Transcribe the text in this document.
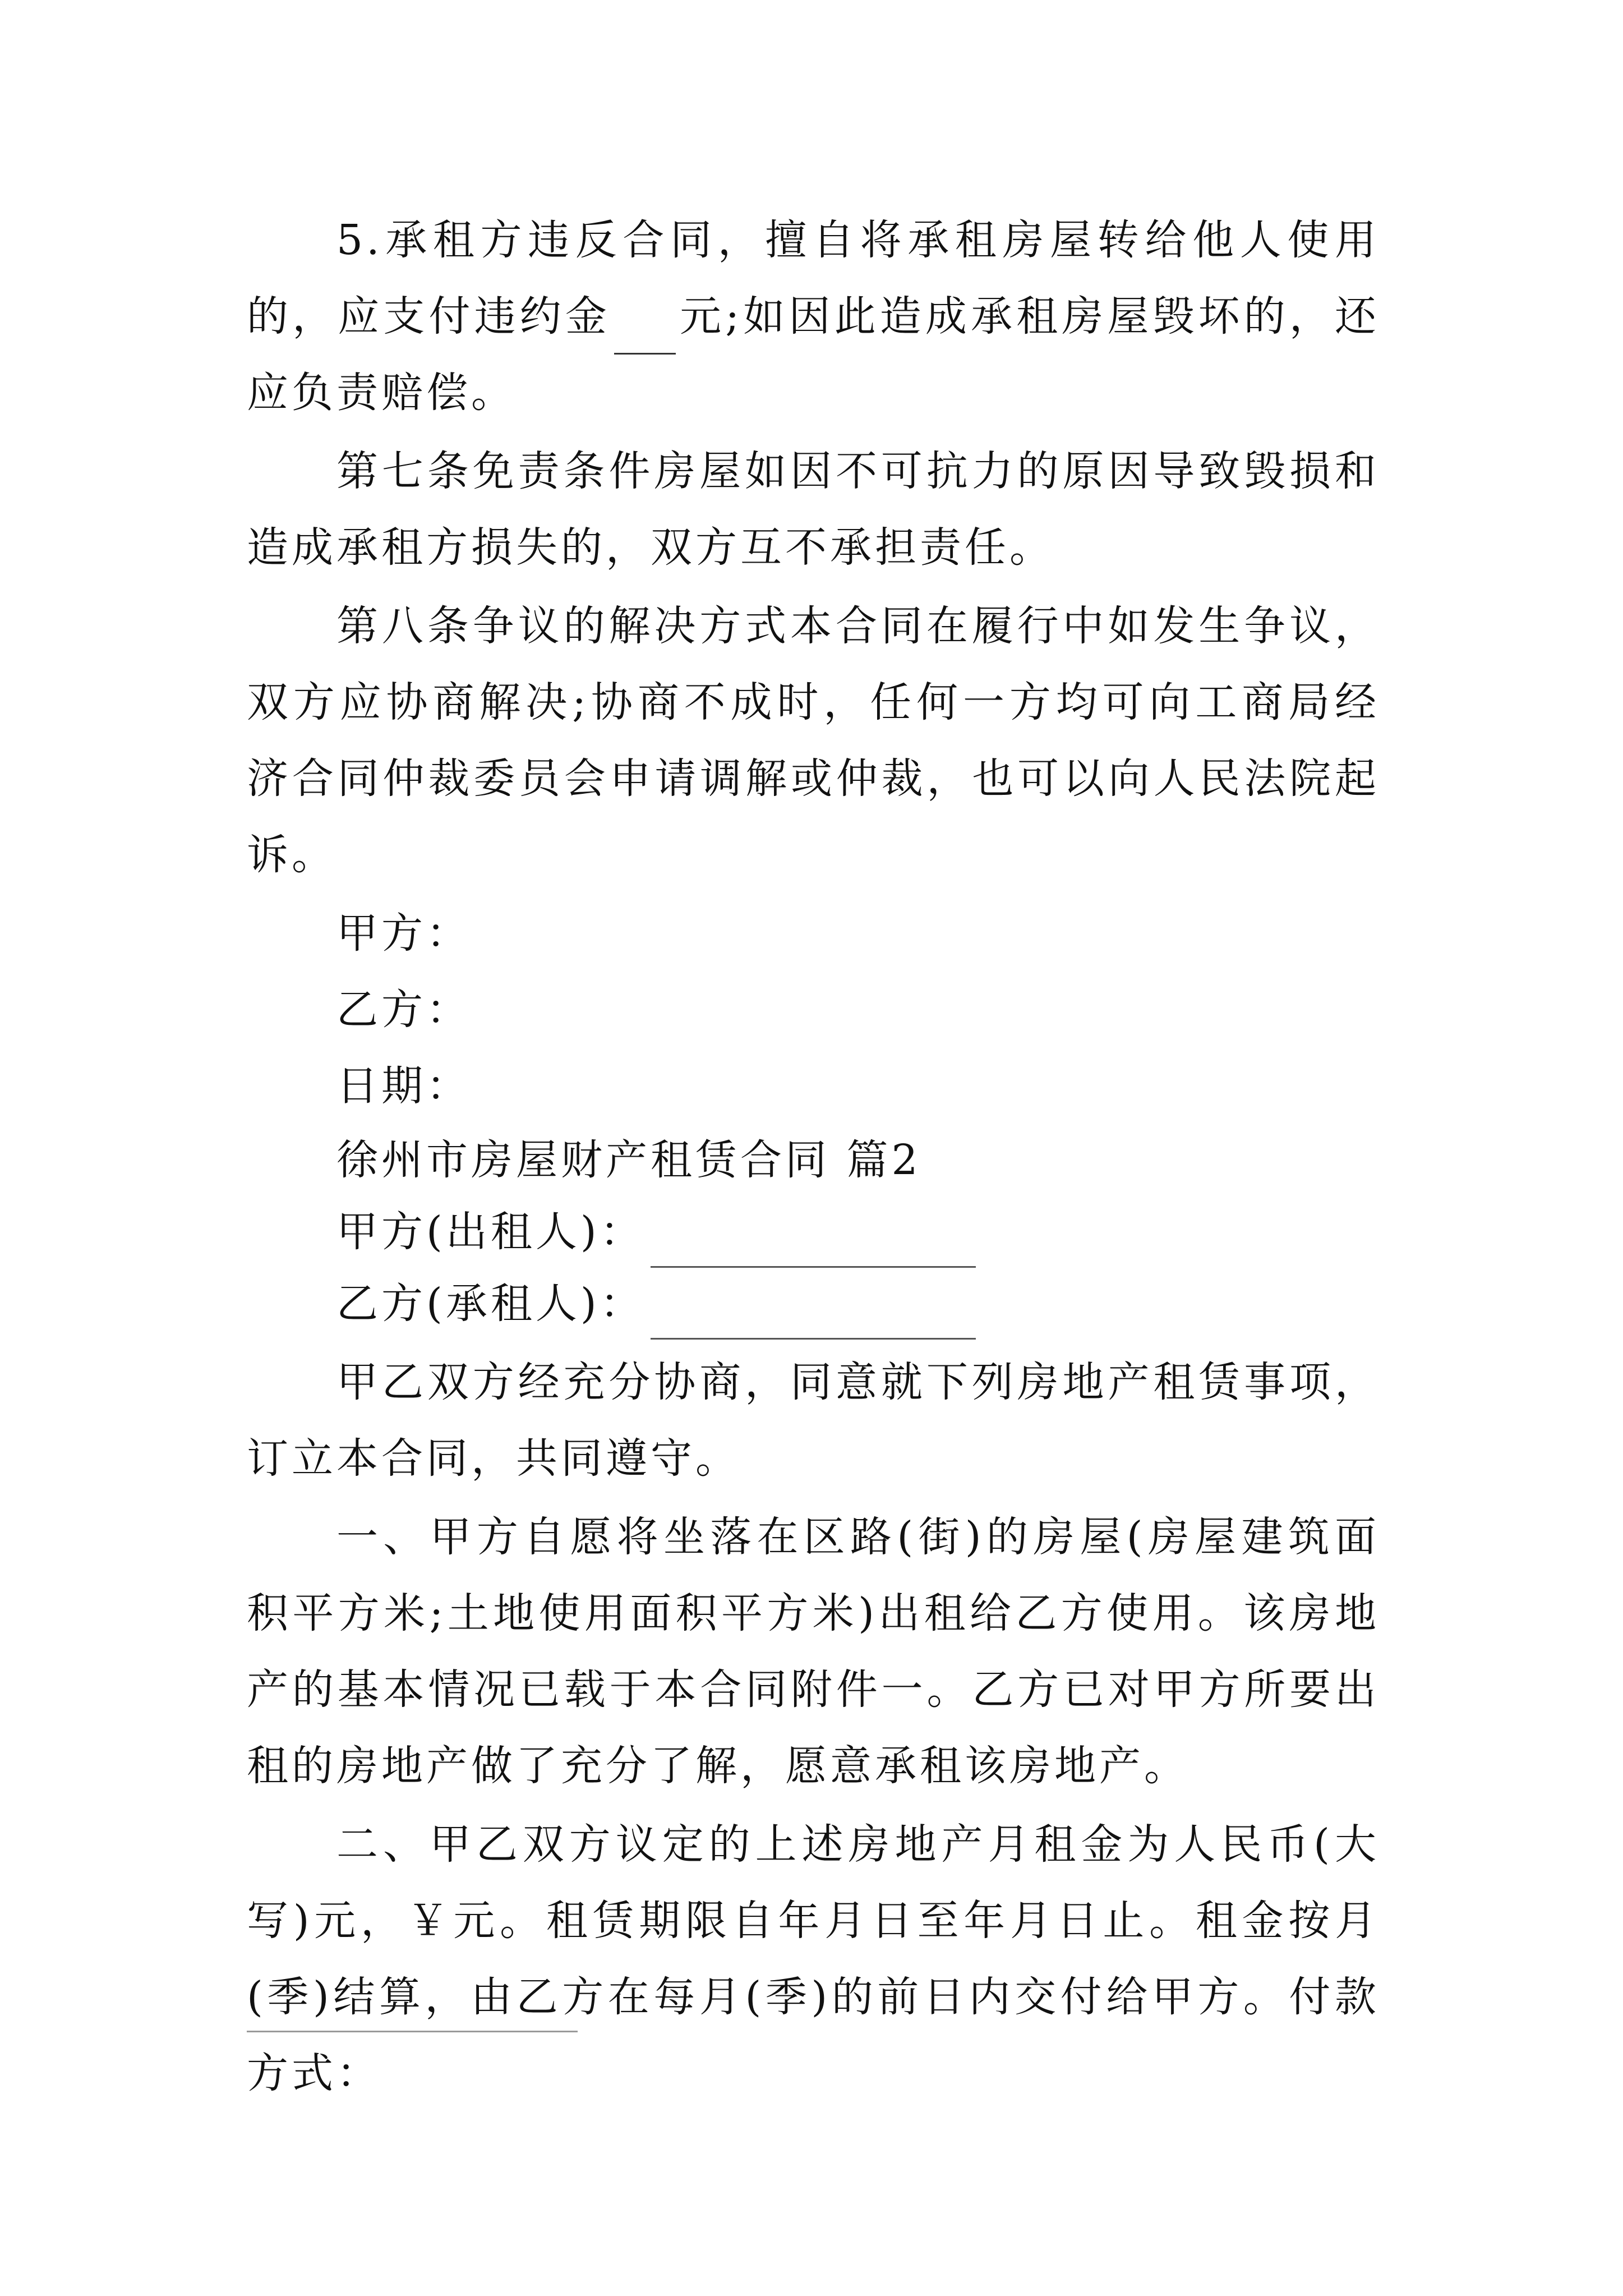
5.承租方违反合同，擅自将承租房屋转给他人使用的，应支付违约金 元;如因此造成承租房屋毁坏的，还应负责赔偿。

第七条免责条件房屋如因不可抗力的原因导致毁损和造成承租方损失的，双方互不承担责任。

第八条争议的解决方式本合同在履行中如发生争议，双方应协商解决;协商不成时，任何一方均可向工商局经济合同仲裁委员会申请调解或仲裁，也可以向人民法院起诉。

甲方：

乙方：

日期：

徐州市房屋财产租赁合同 篇2

甲方(出租人)：

乙方(承租人)：

甲乙双方经充分协商，同意就下列房地产租赁事项，订立本合同，共同遵守。

一、甲方自愿将坐落在区路(街)的房屋(房屋建筑面积平方米;土地使用面积平方米)出租给乙方使用。该房地产的基本情况已载于本合同附件一。乙方已对甲方所要出租的房地产做了充分了解，愿意承租该房地产。

二、甲乙双方议定的上述房地产月租金为人民币(大写)元，￥元。租赁期限自年月日至年月日止。租金按月(季)结算，由乙方在每月(季)的前日内交付给甲方。付款方式：
